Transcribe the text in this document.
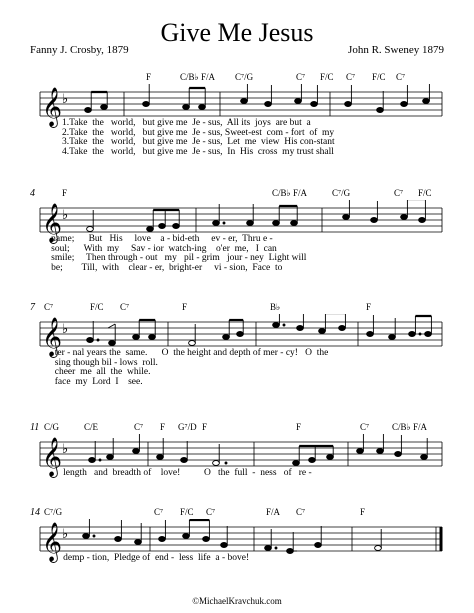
Give Me Jesus
Fanny J. Crosby, 1879	John R. Sweney 1879
F	C/B♭ F/A C⁷/G	C⁷ F/C C⁷ F/C C⁷
𝄞 ♭
1.Take  the   world,   but give me  Je - sus,  All its  joys  are but  a
2.Take  the   world,   but give me  Je - sus, Sweet-est  com - fort  of  my
3.Take  the   world,   but give me  Je - sus,  Let  me  view  His con-stant
4.Take  the   world,   but give me  Je - sus,  In  His  cross  my trust shall
4	F	C/B♭ F/A	C⁷/G	C⁷ F/C
𝄞 ♭
name;      But   His     love    a - bid-eth     ev - er,  Thru e -
soul;      With  my     Sav - ior  watch-ing    o'er  me,   I  can
smile;     Then through - out   my   pil - grim   jour - ney  Light will
be;        Till,  with    clear - er,  bright-er     vi - sion,  Face  to
7 C⁷	F/C C⁷	F	B♭	F
𝄞 ♭
ter - nal years the  same.      O  the height and depth of mer - cy!   O  the
sing though bil - lows  roll.
cheer  me  all  the  while.
face  my  Lord  I    see.
11 C/G	C/E	C⁷ F G⁷/D F	F	C⁷	C/B♭ F/A
𝄞 ♭
length   and  breadth of    love!          O   the  full  -  ness   of   re -
14 C⁷/G	C⁷ F/C C⁷	F/A C⁷	F
𝄞 ♭
demp - tion,  Pledge of  end -  less  life  a - bove!
©MichaelKravchuk.com
